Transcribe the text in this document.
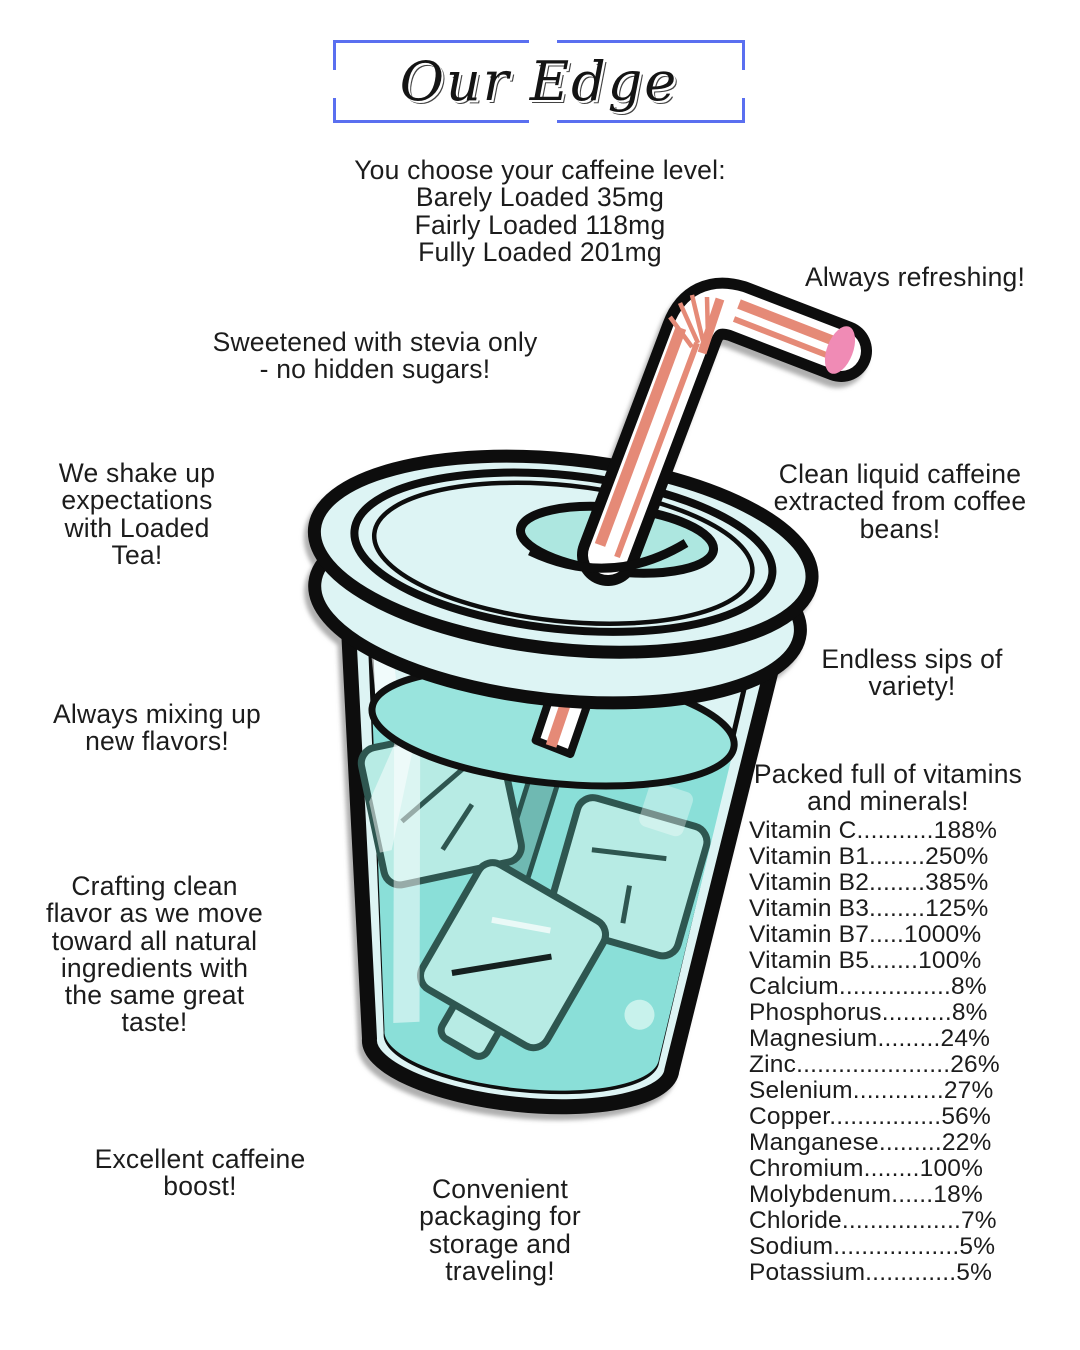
Our Edge
You choose your caffeine level:
Barely Loaded 35mg
Fairly Loaded 118mg
Fully Loaded 201mg
Always refreshing!
Sweetened with stevia only
- no hidden sugars!
We shake up
expectations
with Loaded
Tea!
Clean liquid caffeine
extracted from coffee
beans!
Endless sips of
variety!
Always mixing up
new flavors!
Crafting clean
flavor as we move
toward all natural
ingredients with
the same great
taste!
Excellent caffeine
boost!	Convenient
packaging for
storage and
traveling!
Packed full of vitamins
and minerals!
Vitamin C...........188%
Vitamin B1........250%
Vitamin B2........385%
Vitamin B3........125%
Vitamin B7.....1000%
Vitamin B5.......100%
Calcium................8%
Phosphorus..........8%
Magnesium.........24%
Zinc......................26%
Selenium.............27%
Copper................56%
Manganese.........22%
Chromium........100%
Molybdenum......18%
Chloride.................7%
Sodium..................5%
Potassium.............5%
